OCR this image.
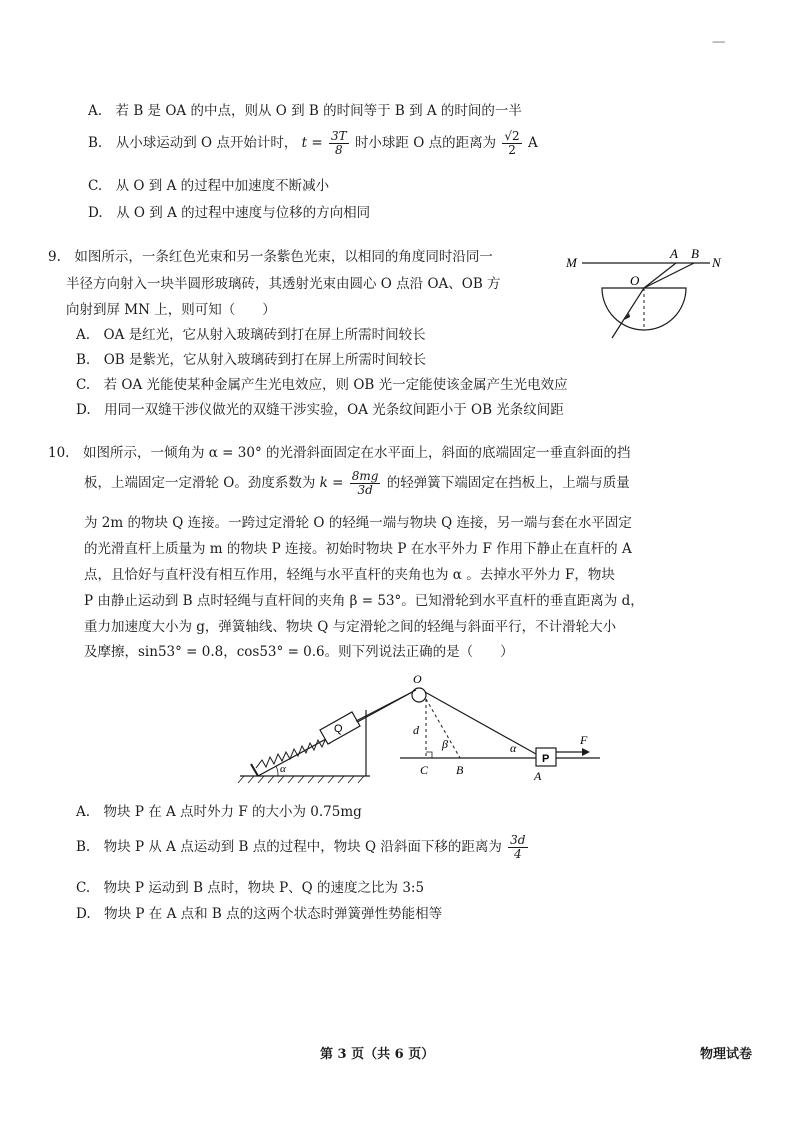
—
A.　若 B 是 OA 的中点，则从 O 到 B 的时间等于 B 到 A 的时间的一半
B.　从小球运动到 O 点开始计时， $t = \frac{3T}{8}$ 时小球距 O 点的距离为 $\frac{√2}{2}$ A
C.　从 O 到 A 的过程中加速度不断减小
D.　从 O 到 A 的过程中速度与位移的方向相同
9.　如图所示，一条红色光束和另一条紫色光束，以相同的角度同时沿同一
半径方向射入一块半圆形玻璃砖，其透射光束由圆心 O 点沿 OA、OB 方
向射到屏 MN 上，则可知（　　）
A.　OA 是红光，它从射入玻璃砖到打在屏上所需时间较长
B.　OB 是紫光，它从射入玻璃砖到打在屏上所需时间较长
C.　若 OA 光能使某种金属产生光电效应，则 OB 光一定能使该金属产生光电效应
D.　用同一双缝干涉仪做光的双缝干涉实验，OA 光条纹间距小于 OB 光条纹间距
M	N
A B
O
10.　如图所示，一倾角为 α = 30° 的光滑斜面固定在水平面上，斜面的底端固定一垂直斜面的挡
板，上端固定一定滑轮 O。劲度系数为 $k = \frac{8mg}{3d}$ 的轻弹簧下端固定在挡板上，上端与质量
为 2m 的物块 Q 连接。一跨过定滑轮 O 的轻绳一端与物块 Q 连接，另一端与套在水平固定
的光滑直杆上质量为 m 的物块 P 连接。初始时物块 P 在水平外力 F 作用下静止在直杆的 A
点，且恰好与直杆没有相互作用，轻绳与水平直杆的夹角也为 α 。去掉水平外力 F，物块
P 由静止运动到 B 点时轻绳与直杆间的夹角 β = 53°。已知滑轮到水平直杆的垂直距离为 d，
重力加速度大小为 g，弹簧轴线、物块 Q 与定滑轮之间的轻绳与斜面平行，不计滑轮大小
及摩擦，sin53° = 0.8，cos53° = 0.6。则下列说法正确的是（　　）
Q
O
d
β	α
P
F
α	C B	A
A.　物块 P 在 A 点时外力 F 的大小为 0.75mg
B.　物块 P 从 A 点运动到 B 点的过程中，物块 Q 沿斜面下移的距离为 $\frac{3d}{4}$
C.　物块 P 运动到 B 点时，物块 P、Q 的速度之比为 3:5
D.　物块 P 在 A 点和 B 点的这两个状态时弹簧弹性势能相等
第 3 页（共 6 页）	物理试卷
